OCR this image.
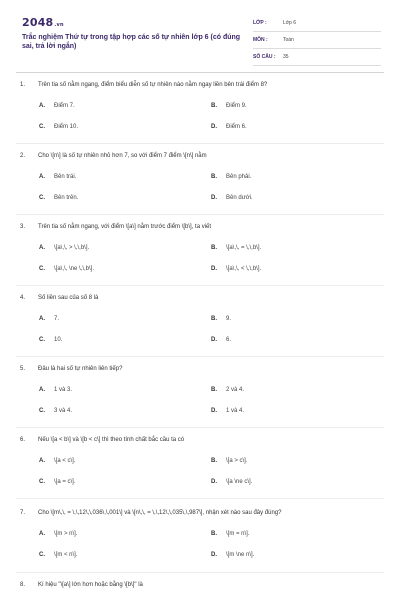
2048.vn
Trắc nghiệm Thứ tự trong tập hợp các số tự nhiên lớp 6 (có đúng sai, trả lời ngắn)
LỚP :	Lớp 6
MÔN :	Toán
SỐ CÂU :	35
1. Trên tia số nằm ngang, điểm biểu diễn số tự nhiên nào nằm ngay liền bên trái điểm 8?
A. Điểm 7.	B. Điểm 9.
C. Điểm 10.	D. Điểm 6.
2. Cho \[n\] là số tự nhiên nhỏ hơn 7, so với điểm 7 điểm \[n\] nằm
A. Bên trái.	B. Bên phải.
C. Bên trên.	D. Bên dưới.
3. Trên tia số nằm ngang, với điểm \[a\] nằm trước điểm \[b\], ta viết
A. \[a\,\, > \,\,b\].	B. \[a\,\, = \,\,b\].
C. \[a\,\, \ne \,\,b\].	D. \[a\,\, < \,\,b\].
4. Số liền sau của số 8 là
A. 7.	B. 9.
C. 10.	D. 6.
5. Đâu là hai số tự nhiên liên tiếp?
A. 1 và 3.	B. 2 và 4.
C. 3 và 4.	D. 1 và 4.
6. Nếu \[a < b\] và \[b < c\] thì theo tính chất bắc cầu ta có
A. \[a < c\].	B. \[a > c\].
C. \[a = c\].	D. \[a \ne c\].
7. Cho \[m\,\, = \,\,12\,\,036\,\,001\] và \[n\,\, = \,\,12\,\,035\,\,987\], nhận xét nào sau đây đúng?
A. \[m > n\].	B. \[m = n\].
C. \[m < n\].	D. \[m \ne n\].
8. Kí hiệu "\[a\] lớn hơn hoặc bằng \[b\]" là
